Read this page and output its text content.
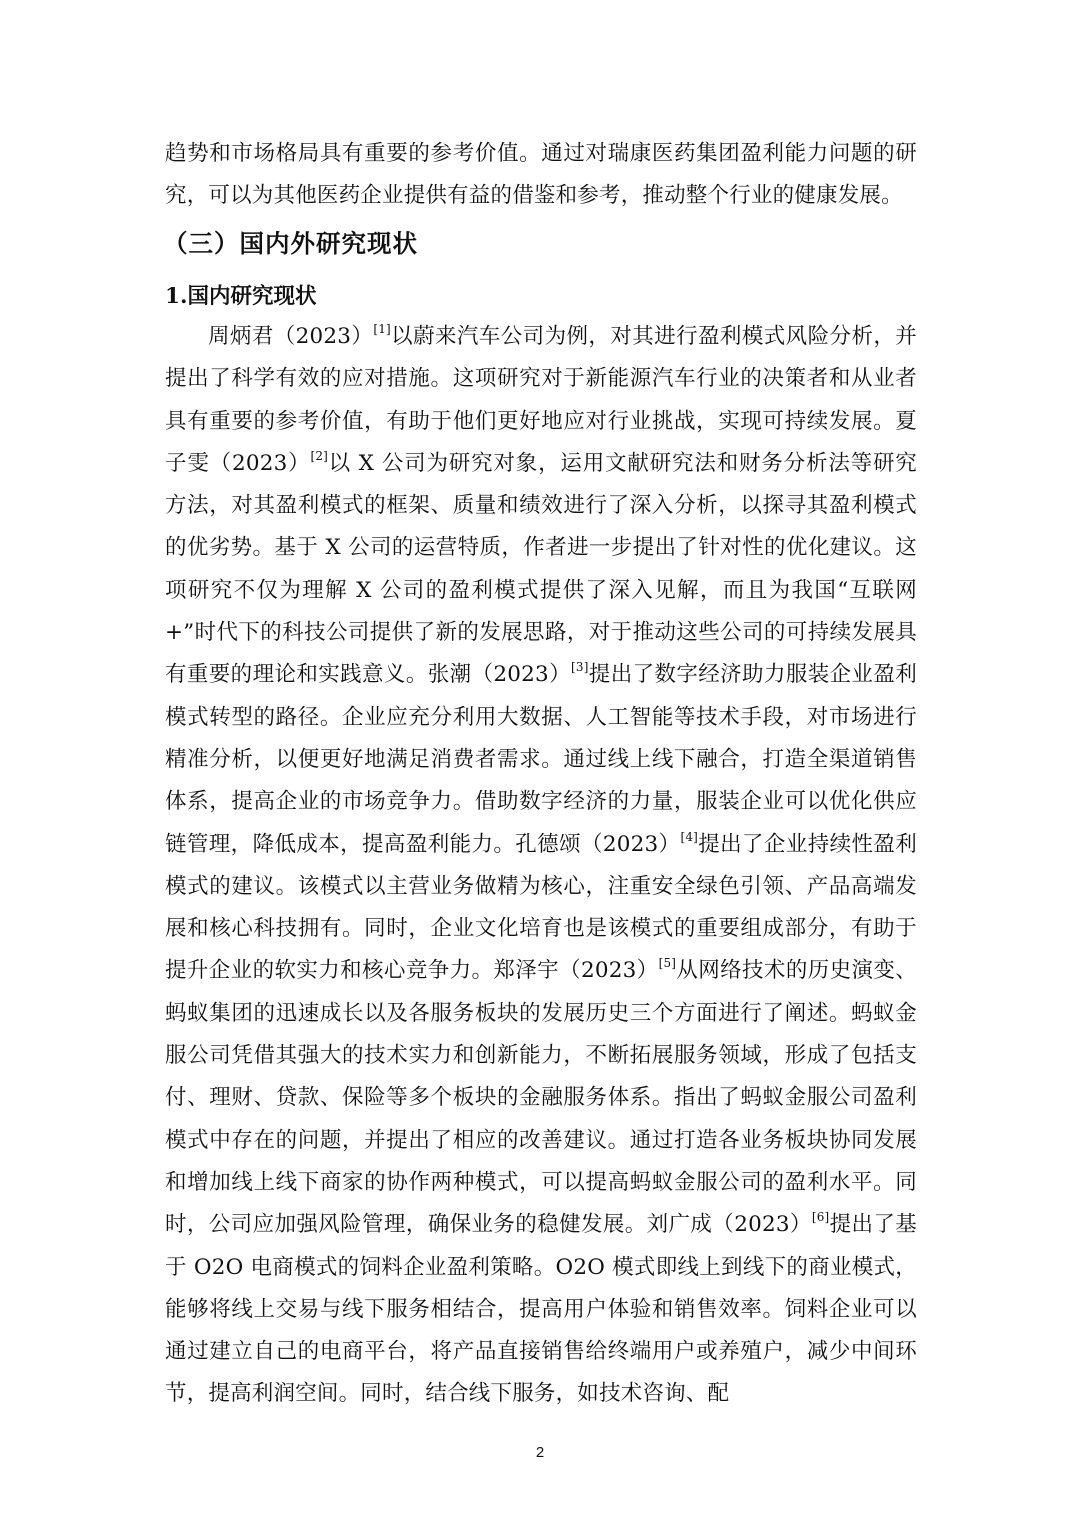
趋势和市场格局具有重要的参考价值。通过对瑞康医药集团盈利能力问题的研究，可以为其他医药企业提供有益的借鉴和参考，推动整个行业的健康发展。
（三）国内外研究现状
1.国内研究现状
周炳君（2023）[1]以蔚来汽车公司为例，对其进行盈利模式风险分析，并提出了科学有效的应对措施。这项研究对于新能源汽车行业的决策者和从业者具有重要的参考价值，有助于他们更好地应对行业挑战，实现可持续发展。夏子雯（2023）[2]以 X 公司为研究对象，运用文献研究法和财务分析法等研究方法，对其盈利模式的框架、质量和绩效进行了深入分析，以探寻其盈利模式的优劣势。基于 X 公司的运营特质，作者进一步提出了针对性的优化建议。这项研究不仅为理解 X 公司的盈利模式提供了深入见解，而且为我国“互联网+”时代下的科技公司提供了新的发展思路，对于推动这些公司的可持续发展具有重要的理论和实践意义。张潮（2023）[3]提出了数字经济助力服装企业盈利模式转型的路径。企业应充分利用大数据、人工智能等技术手段，对市场进行精准分析，以便更好地满足消费者需求。通过线上线下融合，打造全渠道销售体系，提高企业的市场竞争力。借助数字经济的力量，服装企业可以优化供应链管理，降低成本，提高盈利能力。孔德颂（2023）[4]提出了企业持续性盈利模式的建议。该模式以主营业务做精为核心，注重安全绿色引领、产品高端发展和核心科技拥有。同时，企业文化培育也是该模式的重要组成部分，有助于提升企业的软实力和核心竞争力。郑泽宇（2023）[5]从网络技术的历史演变、蚂蚁集团的迅速成长以及各服务板块的发展历史三个方面进行了阐述。蚂蚁金服公司凭借其强大的技术实力和创新能力，不断拓展服务领域，形成了包括支付、理财、贷款、保险等多个板块的金融服务体系。指出了蚂蚁金服公司盈利模式中存在的问题，并提出了相应的改善建议。通过打造各业务板块协同发展和增加线上线下商家的协作两种模式，可以提高蚂蚁金服公司的盈利水平。同时，公司应加强风险管理，确保业务的稳健发展。刘广成（2023）[6]提出了基于 O2O 电商模式的饲料企业盈利策略。O2O 模式即线上到线下的商业模式，能够将线上交易与线下服务相结合，提高用户体验和销售效率。饲料企业可以通过建立自己的电商平台，将产品直接销售给终端用户或养殖户，减少中间环节，提高利润空间。同时，结合线下服务，如技术咨询、配
2
